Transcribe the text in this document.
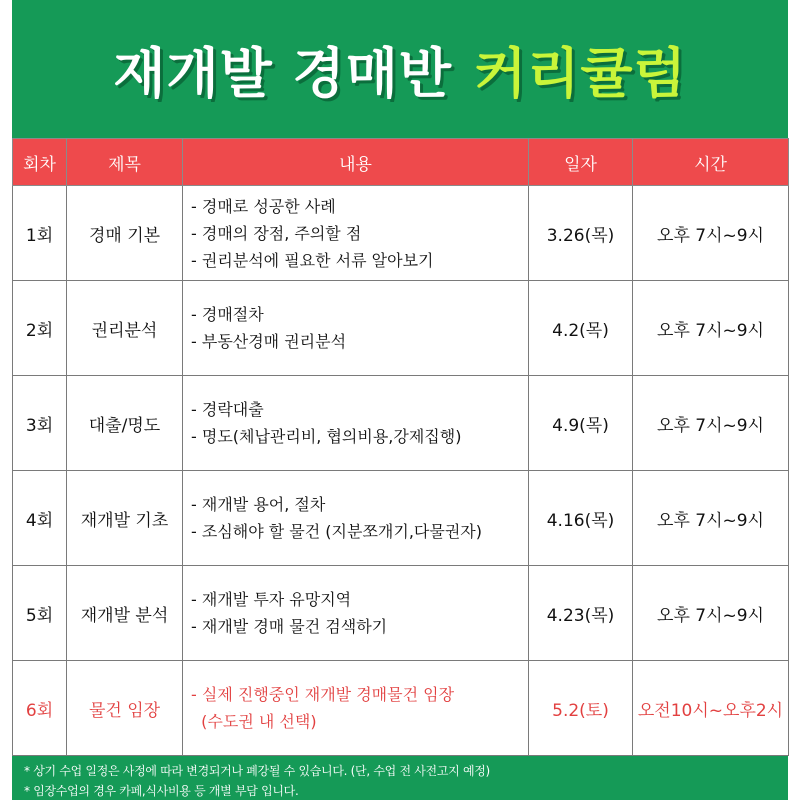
재개발 경매반 커리큘럼
회차	제목	내용	일자	시간
1회	경매 기본	- 경매로 성공한 사례
- 경매의 장점, 주의할 점
- 권리분석에 필요한 서류 알아보기	3.26(목)	오후 7시~9시
2회	권리분석	- 경매절차
- 부동산경매 권리분석	4.2(목)	오후 7시~9시
3회	대출/명도	- 경락대출
- 명도(체납관리비, 협의비용,강제집행)	4.9(목)	오후 7시~9시
4회	재개발 기초	- 재개발 용어, 절차
- 조심해야 할 물건 (지분쪼개기,다물권자)	4.16(목)	오후 7시~9시
5회	재개발 분석	- 재개발 투자 유망지역
- 재개발 경매 물건 검색하기	4.23(목)	오후 7시~9시
6회	물건 임장	- 실제 진행중인 재개발 경매물건 임장
(수도권 내 선택)	5.2(토)	오전10시~오후2시
* 상기 수업 일정은 사정에 따라 변경되거나 폐강될 수 있습니다. (단, 수업 전 사전고지 예정)
* 임장수업의 경우 카페,식사비용 등 개별 부담 입니다.
